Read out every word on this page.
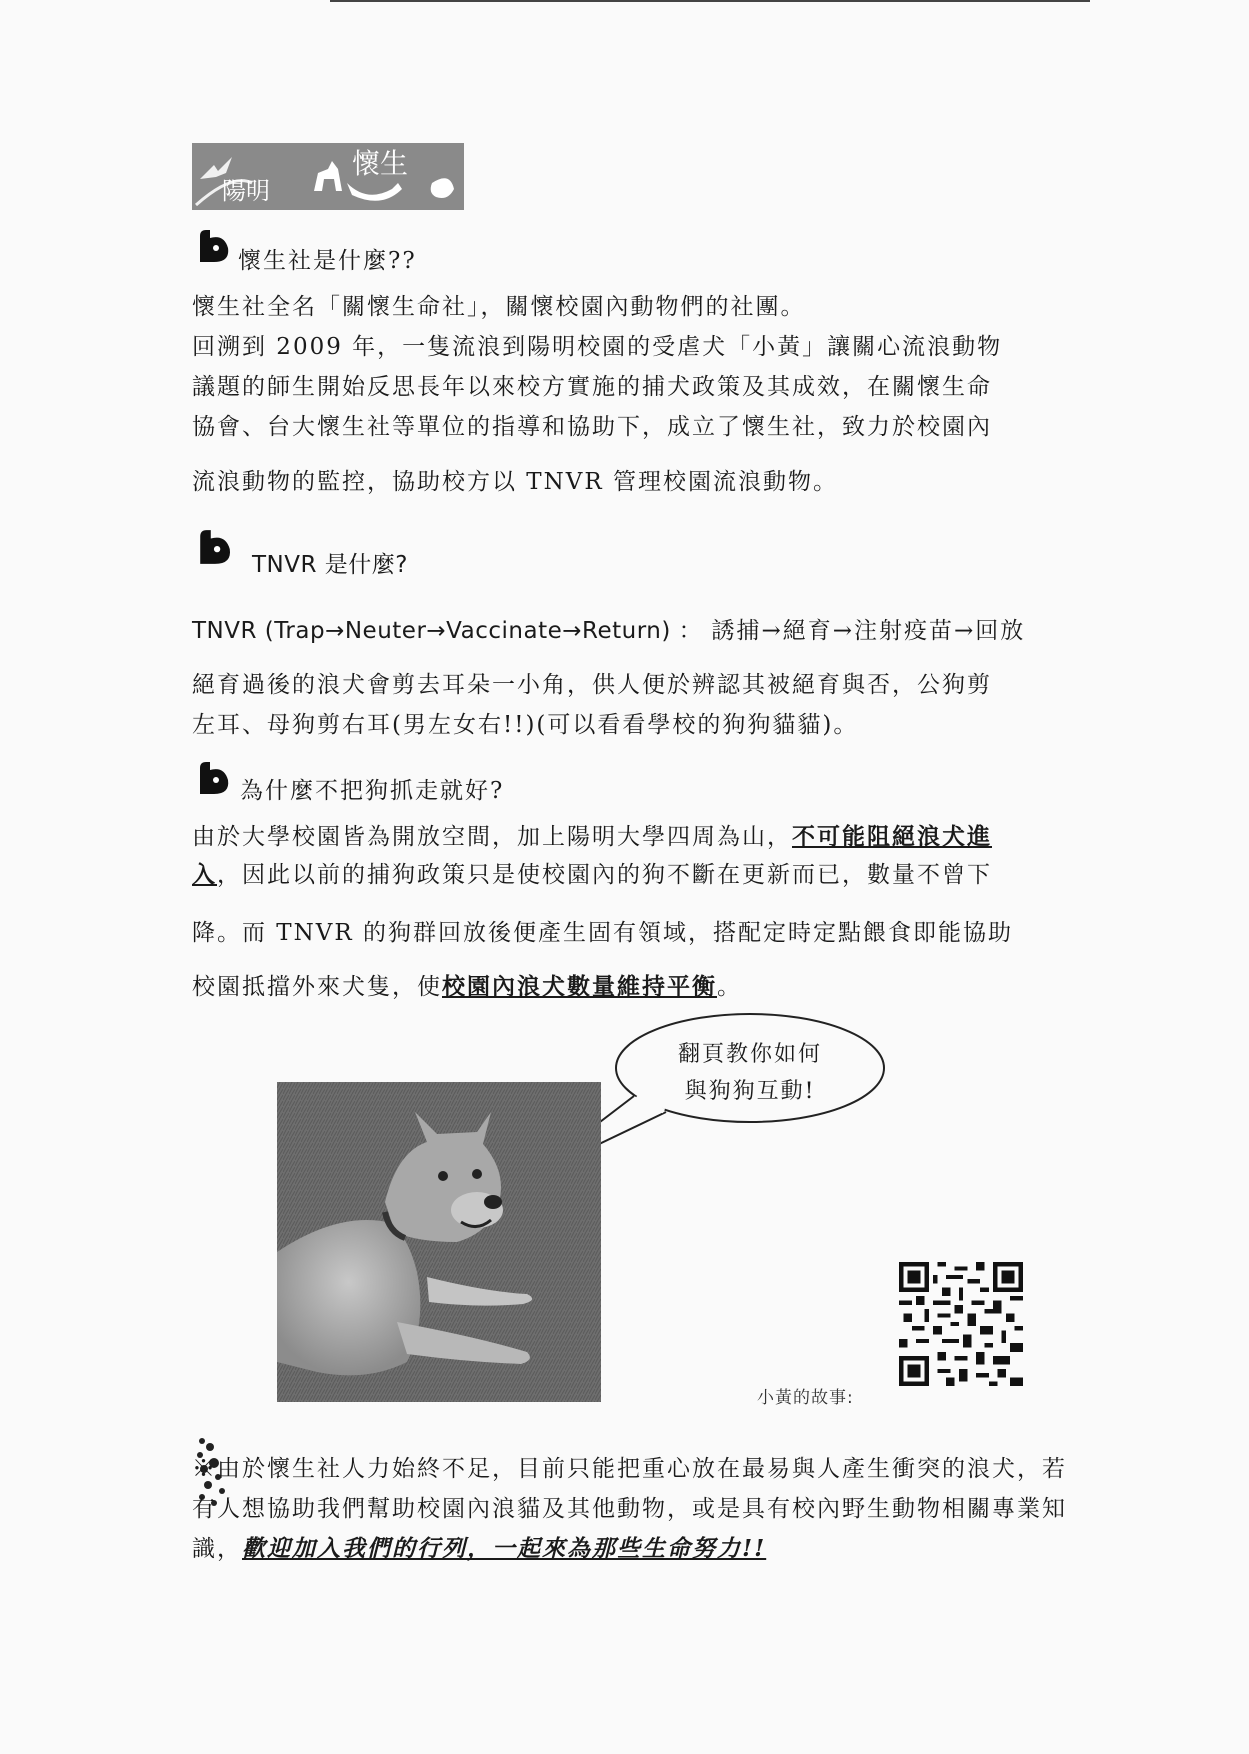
陽明
懷生
懷生社是什麼??
懷生社全名「關懷生命社」，關懷校園內動物們的社團。
回溯到 2009 年，一隻流浪到陽明校園的受虐犬「小黃」讓關心流浪動物
議題的師生開始反思長年以來校方實施的捕犬政策及其成效，在關懷生命
協會、台大懷生社等單位的指導和協助下，成立了懷生社，致力於校園內
流浪動物的監控，協助校方以 TNVR 管理校園流浪動物。
TNVR 是什麼?
TNVR (Trap→Neuter→Vaccinate→Return) ： 誘捕→絕育→注射疫苗→回放
絕育過後的浪犬會剪去耳朵一小角，供人便於辨認其被絕育與否，公狗剪
左耳、母狗剪右耳(男左女右!!)(可以看看學校的狗狗貓貓)。
為什麼不把狗抓走就好?
由於大學校園皆為開放空間，加上陽明大學四周為山，不可能阻絕浪犬進
入，因此以前的捕狗政策只是使校園內的狗不斷在更新而已，數量不曾下
降。而 TNVR 的狗群回放後便產生固有領域，搭配定時定點餵食即能協助
校園抵擋外來犬隻，使校園內浪犬數量維持平衡。
翻頁教你如何
與狗狗互動!
小黃的故事:
※由於懷生社人力始終不足，目前只能把重心放在最易與人產生衝突的浪犬，若
有人想協助我們幫助校園內浪貓及其他動物，或是具有校內野生動物相關專業知
識，歡迎加入我們的行列，一起來為那些生命努力!!
